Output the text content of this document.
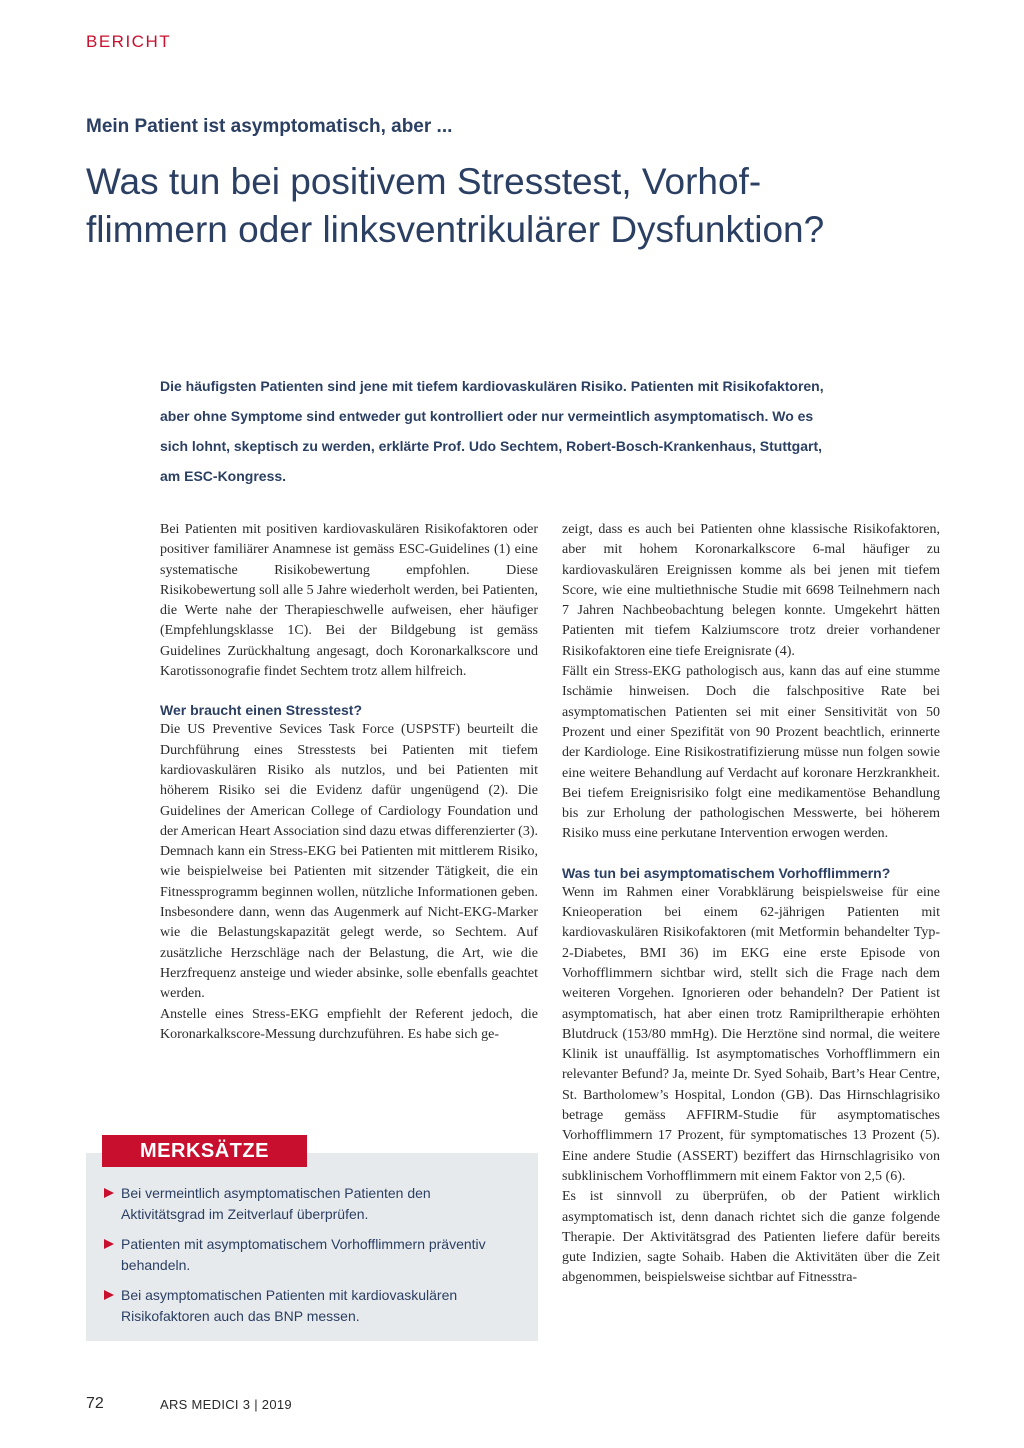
BERICHT
Mein Patient ist asymptomatisch, aber ...
Was tun bei positivem Stresstest, Vorhof-
flimmern oder linksventrikulärer Dysfunktion?
Die häufigsten Patienten sind jene mit tiefem kardiovaskulären Risiko. Patienten mit Risikofaktoren,
aber ohne Symptome sind entweder gut kontrolliert oder nur vermeintlich asymptomatisch. Wo es
sich lohnt, skeptisch zu werden, erklärte Prof. Udo Sechtem, Robert-Bosch-Krankenhaus, Stuttgart,
am ESC-Kongress.

Bei Patienten mit positiven kardiovaskulären Risikofaktoren oder positiver familiärer Anamnese ist gemäss ESC-Guidelines (1) eine systematische Risikobewertung empfohlen. Diese Risikobewertung soll alle 5 Jahre wiederholt werden, bei Patienten, die Werte nahe der Therapieschwelle aufweisen, eher häufiger (Empfehlungsklasse 1C). Bei der Bildgebung ist gemäss Guidelines Zurückhaltung angesagt, doch Koronarkalkscore und Karotissonografie findet Sechtem trotz allem hilfreich.

Wer braucht einen Stresstest?

Die US Preventive Sevices Task Force (USPSTF) beurteilt die Durchführung eines Stresstests bei Patienten mit tiefem kardiovaskulären Risiko als nutzlos, und bei Patienten mit höherem Risiko sei die Evidenz dafür ungenügend (2). Die Guidelines der American College of Cardiology Foundation und der American Heart Association sind dazu etwas differenzierter (3). Demnach kann ein Stress-EKG bei Patienten mit mittlerem Risiko, wie beispielweise bei Patienten mit sitzender Tätigkeit, die ein Fitnessprogramm beginnen wollen, nützliche Informationen geben. Insbesondere dann, wenn das Augenmerk auf Nicht-EKG-Marker wie die Belastungskapazität gelegt werde, so Sechtem. Auf zusätzliche Herzschläge nach der Belastung, die Art, wie die Herzfrequenz ansteige und wieder absinke, solle ebenfalls geachtet werden.

Anstelle eines Stress-EKG empfiehlt der Referent jedoch, die Koronarkalkscore-Messung durchzuführen. Es habe sich ge-

zeigt, dass es auch bei Patienten ohne klassische Risikofaktoren, aber mit hohem Koronarkalkscore 6-mal häufiger zu kardiovaskulären Ereignissen komme als bei jenen mit tiefem Score, wie eine multiethnische Studie mit 6698 Teilnehmern nach 7 Jahren Nachbeobachtung belegen konnte. Umgekehrt hätten Patienten mit tiefem Kalziumscore trotz dreier vorhandener Risikofaktoren eine tiefe Ereignisrate (4).

Fällt ein Stress-EKG pathologisch aus, kann das auf eine stumme Ischämie hinweisen. Doch die falschpositive Rate bei asymptomatischen Patienten sei mit einer Sensitivität von 50 Prozent und einer Spezifität von 90 Prozent beachtlich, erinnerte der Kardiologe. Eine Risikostratifizierung müsse nun folgen sowie eine weitere Behandlung auf Verdacht auf koronare Herzkrankheit. Bei tiefem Ereignisrisiko folgt eine medikamentöse Behandlung bis zur Erholung der pathologischen Messwerte, bei höherem Risiko muss eine perkutane Intervention erwogen werden.

Was tun bei asymptomatischem Vorhofflimmern?

Wenn im Rahmen einer Vorabklärung beispielsweise für eine Knieoperation bei einem 62-jährigen Patienten mit kardiovaskulären Risikofaktoren (mit Metformin behandelter Typ-2-Diabetes, BMI 36) im EKG eine erste Episode von Vorhofflimmern sichtbar wird, stellt sich die Frage nach dem weiteren Vorgehen. Ignorieren oder behandeln? Der Patient ist asymptomatisch, hat aber einen trotz Ramipriltherapie erhöhten Blutdruck (153/80 mmHg). Die Herztöne sind normal, die weitere Klinik ist unauffällig. Ist asymptomatisches Vorhofflimmern ein relevanter Befund? Ja, meinte Dr. Syed Sohaib, Bart’s Hear Centre, St. Bartholomew’s Hospital, London (GB). Das Hirnschlagrisiko betrage gemäss AFFIRM-Studie für asymptomatisches Vorhofflimmern 17 Prozent, für symptomatisches 13 Prozent (5). Eine andere Studie (ASSERT) beziffert das Hirnschlagrisiko von subklinischem Vorhofflimmern mit einem Faktor von 2,5 (6).

Es ist sinnvoll zu überprüfen, ob der Patient wirklich asymptomatisch ist, denn danach richtet sich die ganze folgende Therapie. Der Aktivitätsgrad des Patienten liefere dafür bereits gute Indizien, sagte Sohaib. Haben die Aktivitäten über die Zeit abgenommen, beispielsweise sichtbar auf Fitnesstra-

MERKSÄTZE
Bei vermeintlich asymptomatischen Patienten den Aktivitätsgrad im Zeitverlauf überprüfen.
Patienten mit asymptomatischem Vorhofflimmern präventiv behandeln.
Bei asymptomatischen Patienten mit kardiovaskulären Risikofaktoren auch das BNP messen.
72	ARS MEDICI 3 | 2019
